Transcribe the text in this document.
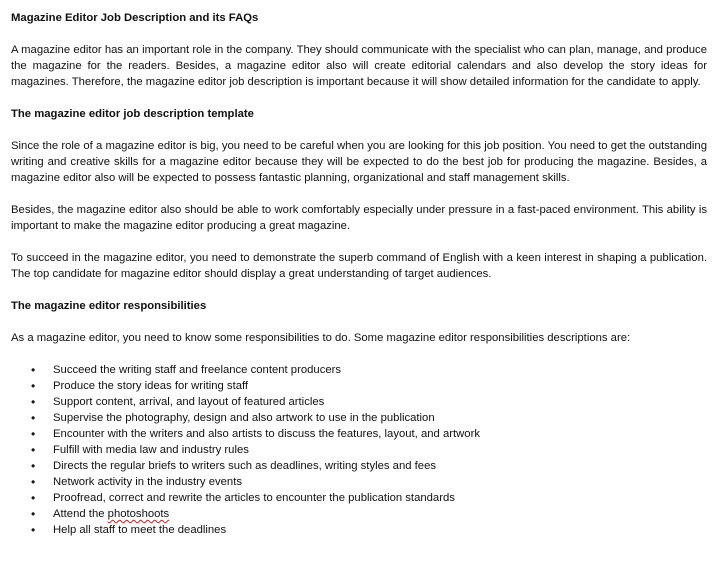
Magazine Editor Job Description and its FAQs

A magazine editor has an important role in the company. They should communicate with the specialist who can plan, manage, and produce the magazine for the readers. Besides, a magazine editor also will create editorial calendars and also develop the story ideas for magazines. Therefore, the magazine editor job description is important because it will show detailed information for the candidate to apply.

The magazine editor job description template

Since the role of a magazine editor is big, you need to be careful when you are looking for this job position. You need to get the outstanding writing and creative skills for a magazine editor because they will be expected to do the best job for producing the magazine. Besides, a magazine editor also will be expected to possess fantastic planning, organizational and staff management skills.

Besides, the magazine editor also should be able to work comfortably especially under pressure in a fast-paced environment. This ability is important to make the magazine editor producing a great magazine.

To succeed in the magazine editor, you need to demonstrate the superb command of English with a keen interest in shaping a publication. The top candidate for magazine editor should display a great understanding of target audiences.

The magazine editor responsibilities

As a magazine editor, you need to know some responsibilities to do. Some magazine editor responsibilities descriptions are:

• Succeed the writing staff and freelance content producers
• Produce the story ideas for writing staff
• Support content, arrival, and layout of featured articles
• Supervise the photography, design and also artwork to use in the publication
• Encounter with the writers and also artists to discuss the features, layout, and artwork
• Fulfill with media law and industry rules
• Directs the regular briefs to writers such as deadlines, writing styles and fees
• Network activity in the industry events
• Proofread, correct and rewrite the articles to encounter the publication standards
• Attend the photoshoots
• Help all staff to meet the deadlines
